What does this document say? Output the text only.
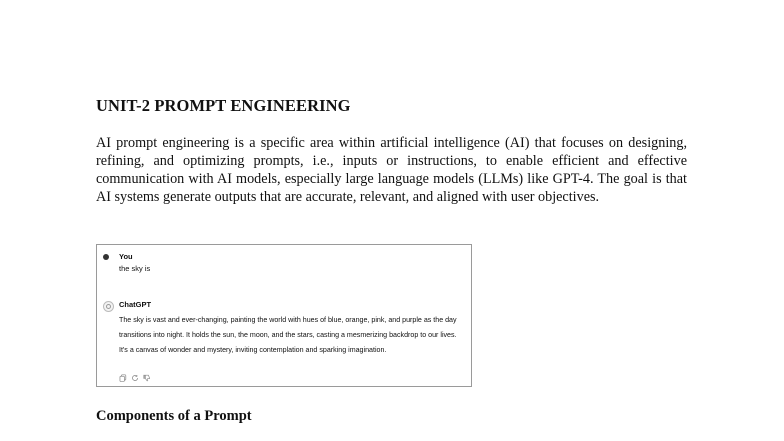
UNIT-2 PROMPT ENGINEERING

AI prompt engineering is a specific area within artificial intelligence (AI) that focuses on designing, refining, and optimizing prompts, i.e., inputs or instructions, to enable efficient and effective communication with AI models, especially large language models (LLMs) like GPT-4. The goal is that AI systems generate outputs that are accurate, relevant, and aligned with user objectives.

You
the sky is
ChatGPT

The sky is vast and ever-changing, painting the world with hues of blue, orange, pink, and purple as the day transitions into night. It holds the sun, the moon, and the stars, casting a mesmerizing backdrop to our lives. It's a canvas of wonder and mystery, inviting contemplation and sparking imagination.

Components of a Prompt
